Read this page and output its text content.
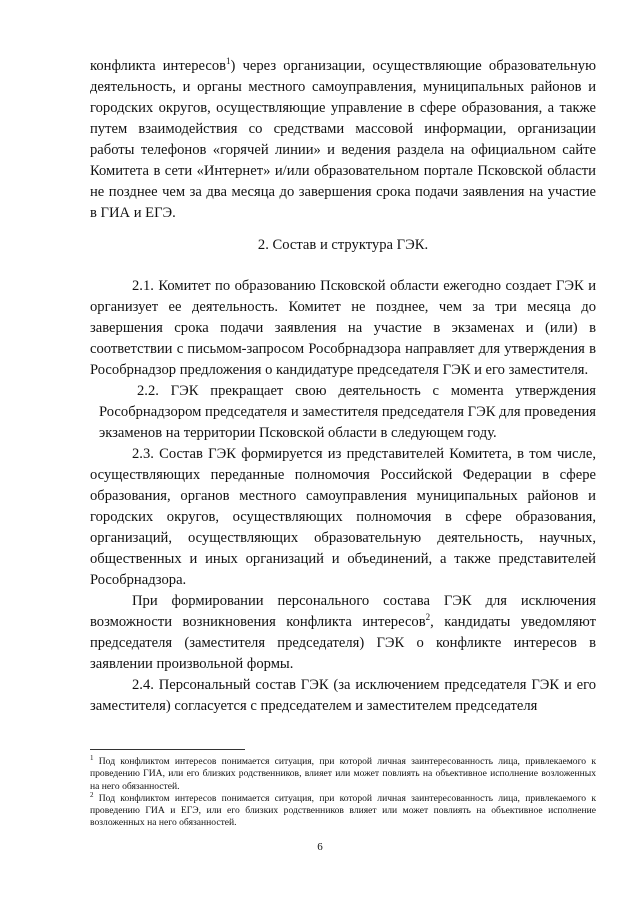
конфликта интересов$^1$) через организации, осуществляющие образовательную деятельность, и органы местного самоуправления, муниципальных районов и городских округов, осуществляющие управление в сфере образования, а также путем взаимодействия со средствами массовой информации, организации работы телефонов «горячей линии» и ведения раздела на официальном сайте Комитета в сети «Интернет» и/или образовательном портале Псковской области не позднее чем за два месяца до завершения срока подачи заявления на участие в ГИА и ЕГЭ.

2. Состав и структура ГЭК.

2.1. Комитет по образованию Псковской области ежегодно создает ГЭК и организует ее деятельность. Комитет не позднее, чем за три месяца до завершения срока подачи заявления на участие в экзаменах и (или) в соответствии с письмом-запросом Рособрнадзора направляет для утверждения в Рособрнадзор предложения о кандидатуре председателя ГЭК и его заместителя.

2.2. ГЭК прекращает свою деятельность с момента утверждения Рособрнадзором председателя и заместителя председателя ГЭК для проведения экзаменов на территории Псковской области в следующем году.

2.3. Состав ГЭК формируется из представителей Комитета, в том числе, осуществляющих переданные полномочия Российской Федерации в сфере образования, органов местного самоуправления муниципальных районов и городских округов, осуществляющих полномочия в сфере образования, организаций, осуществляющих образовательную деятельность, научных, общественных и иных организаций и объединений, а также представителей Рособрнадзора.

При формировании персонального состава ГЭК для исключения возможности возникновения конфликта интересов$^2$, кандидаты уведомляют председателя (заместителя председателя) ГЭК о конфликте интересов в заявлении произвольной формы.

2.4. Персональный состав ГЭК (за исключением председателя ГЭК и его заместителя) согласуется с председателем и заместителем председателя

$^1$ Под конфликтом интересов понимается ситуация, при которой личная заинтересованность лица, привлекаемого к проведению ГИА, или его близких родственников, влияет или может повлиять на объективное исполнение возложенных на него обязанностей.

$^2$ Под конфликтом интересов понимается ситуация, при которой личная заинтересованность лица, привлекаемого к проведению ГИА и ЕГЭ, или его близких родственников влияет или может повлиять на объективное исполнение возложенных на него обязанностей.

6
